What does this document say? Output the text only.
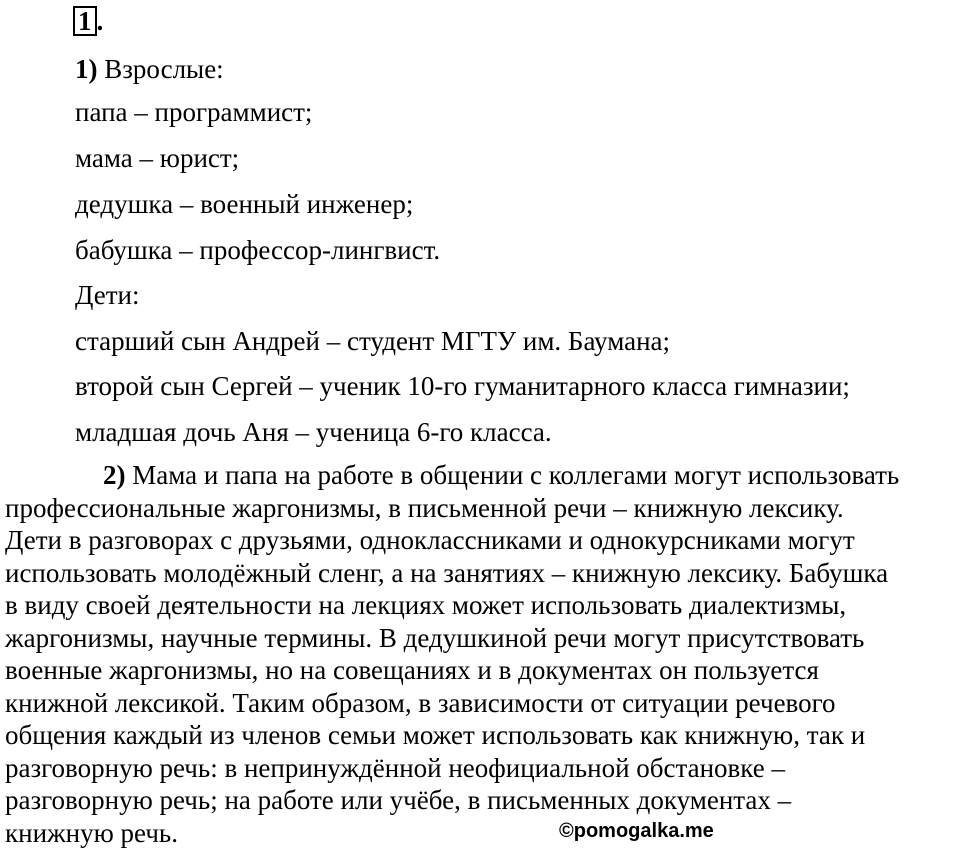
1 .
1) Взрослые:
папа – программист;
мама – юрист;
дедушка – военный инженер;
бабушка – профессор-лингвист.
Дети:
старший сын Андрей – студент МГТУ им. Баумана;
второй сын Сергей – ученик 10-го гуманитарного класса гимназии;
младшая дочь Аня – ученица 6-го класса.
2) Мама и папа на работе в общении с коллегами могут использовать
профессиональные жаргонизмы, в письменной речи – книжную лексику.
Дети в разговорах с друзьями, одноклассниками и однокурсниками могут
использовать молодёжный сленг, а на занятиях – книжную лексику. Бабушка
в виду своей деятельности на лекциях может использовать диалектизмы,
жаргонизмы, научные термины. В дедушкиной речи могут присутствовать
военные жаргонизмы, но на совещаниях и в документах он пользуется
книжной лексикой. Таким образом, в зависимости от ситуации речевого
общения каждый из членов семьи может использовать как книжную, так и
разговорную речь: в непринуждённой неофициальной обстановке –
разговорную речь; на работе или учёбе, в письменных документах –
книжную речь.	©pomogalka.me
